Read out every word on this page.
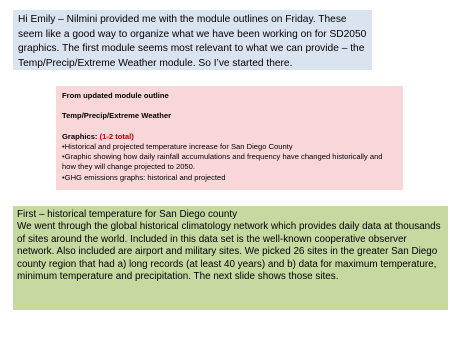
Hi Emily – Nilmini provided me with the module outlines on Friday. These seem like a good way to organize what we have been working on for SD2050 graphics. The first module seems most relevant to what we can provide – the Temp/Precip/Extreme Weather module. So I’ve started there.
From updated module outline
Temp/Precip/Extreme Weather
Graphics: (1-2 total)
•Historical and projected temperature increase for San Diego County
•Graphic showing how daily rainfall accumulations and frequency have changed historically and how they will change projected to 2050.
•GHG emissions graphs: historical and projected
First – historical temperature for San Diego county
We went through the global historical climatology network which provides daily data at thousands of sites around the world. Included in this data set is the well-known cooperative observer network. Also included are airport and military sites. We picked 26 sites in the greater San Diego county region that had a) long records (at least 40 years) and b) data for maximum temperature, minimum temperature and precipitation. The next slide shows those sites.
